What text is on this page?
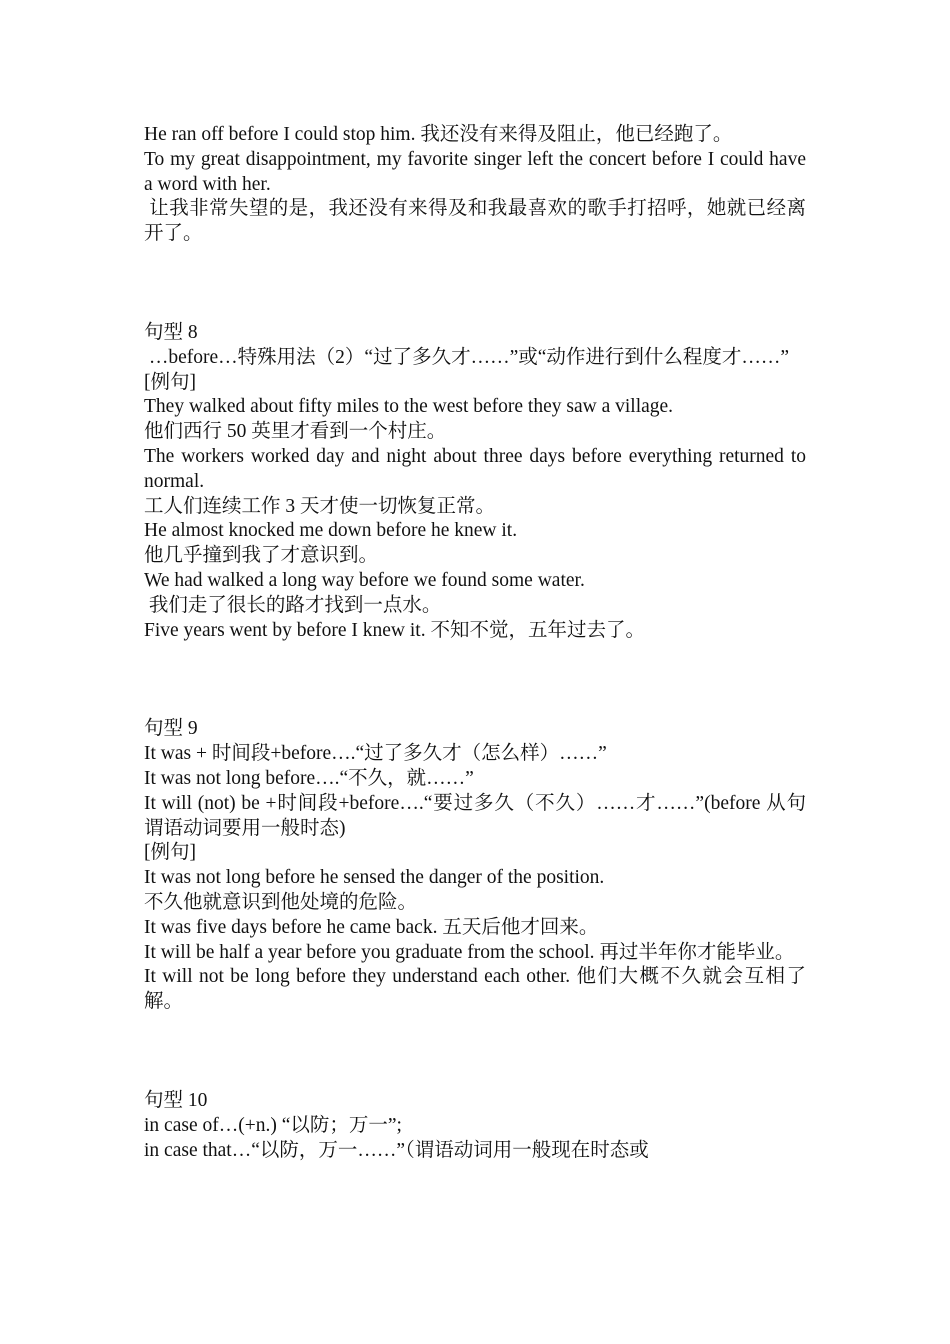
He ran off before I could stop him. 我还没有来得及阻止，他已经跑了。

To my great disappointment, my favorite singer left the concert before I could have a word with her.

让我非常失望的是，我还没有来得及和我最喜欢的歌手打招呼，她就已经离开了。

句型 8

…before…特殊用法（2）“过了多久才……”或“动作进行到什么程度才……”

[例句]

They walked about fifty miles to the west before they saw a village.

他们西行 50 英里才看到一个村庄。

The workers worked day and night about three days before everything returned to normal.

工人们连续工作 3 天才使一切恢复正常。

He almost knocked me down before he knew it.

他几乎撞到我了才意识到。

We had walked a long way before we found some water.

我们走了很长的路才找到一点水。

Five years went by before I knew it. 不知不觉，五年过去了。

句型 9

It was + 时间段+before….“过了多久才（怎么样）……”

It was not long before….“不久，就……”

It will (not) be +时间段+before….“要过多久（不久）……才……”(before 从句谓语动词要用一般时态)

[例句]

It was not long before he sensed the danger of the position.

不久他就意识到他处境的危险。

It was five days before he came back. 五天后他才回来。

It will be half a year before you graduate from the school. 再过半年你才能毕业。

It will not be long before they understand each other. 他们大概不久就会互相了解。

句型 10

in case of…(+n.) “以防；万一”;

in case that…“以防，万一……”（谓语动词用一般现在时态或
